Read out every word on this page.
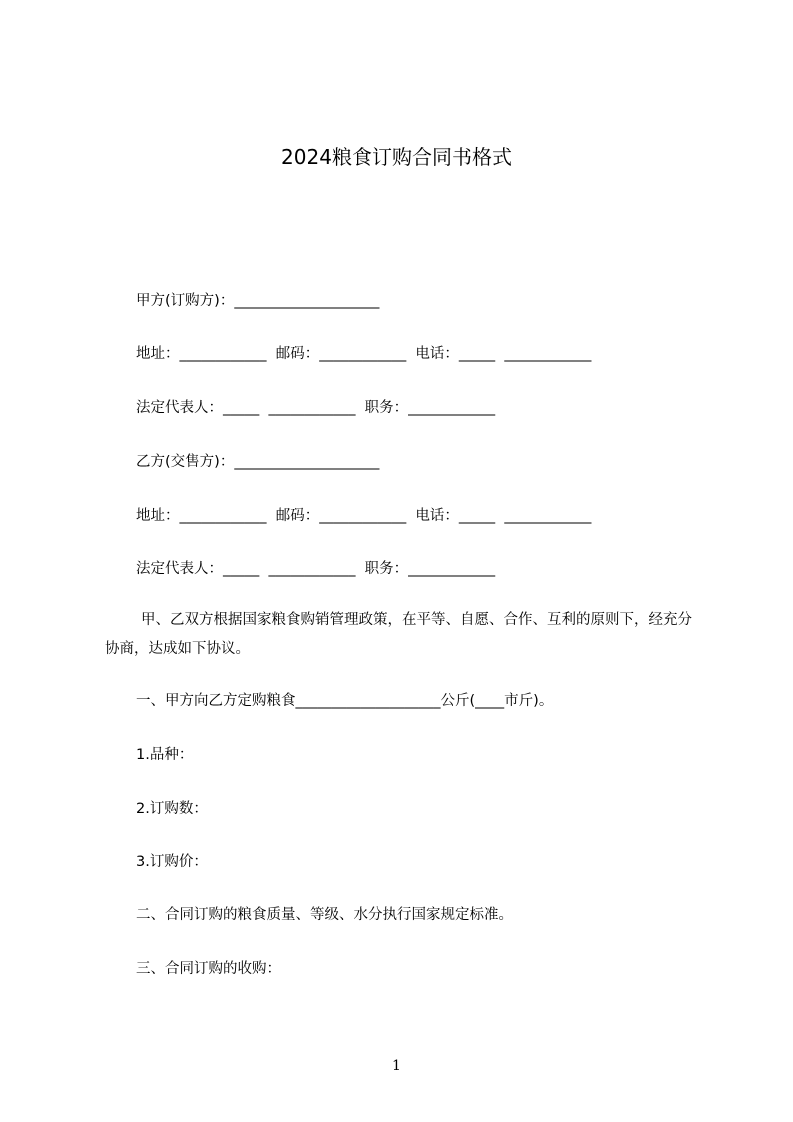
2024粮食订购合同书格式
甲方(订购方)：____________________
地址：____________  邮码：____________  电话：_____  ____________
法定代表人：_____  ____________  职务：____________
乙方(交售方)：____________________
地址：____________  邮码：____________  电话：_____  ____________
法定代表人：_____  ____________  职务：____________
甲、乙双方根据国家粮食购销管理政策，在平等、自愿、合作、互利的原则下，经充分协商，达成如下协议。
一、甲方向乙方定购粮食____________________公斤(____市斤)。
1.品种：
2.订购数：
3.订购价：
二、合同订购的粮食质量、等级、水分执行国家规定标准。
三、合同订购的收购：
1
